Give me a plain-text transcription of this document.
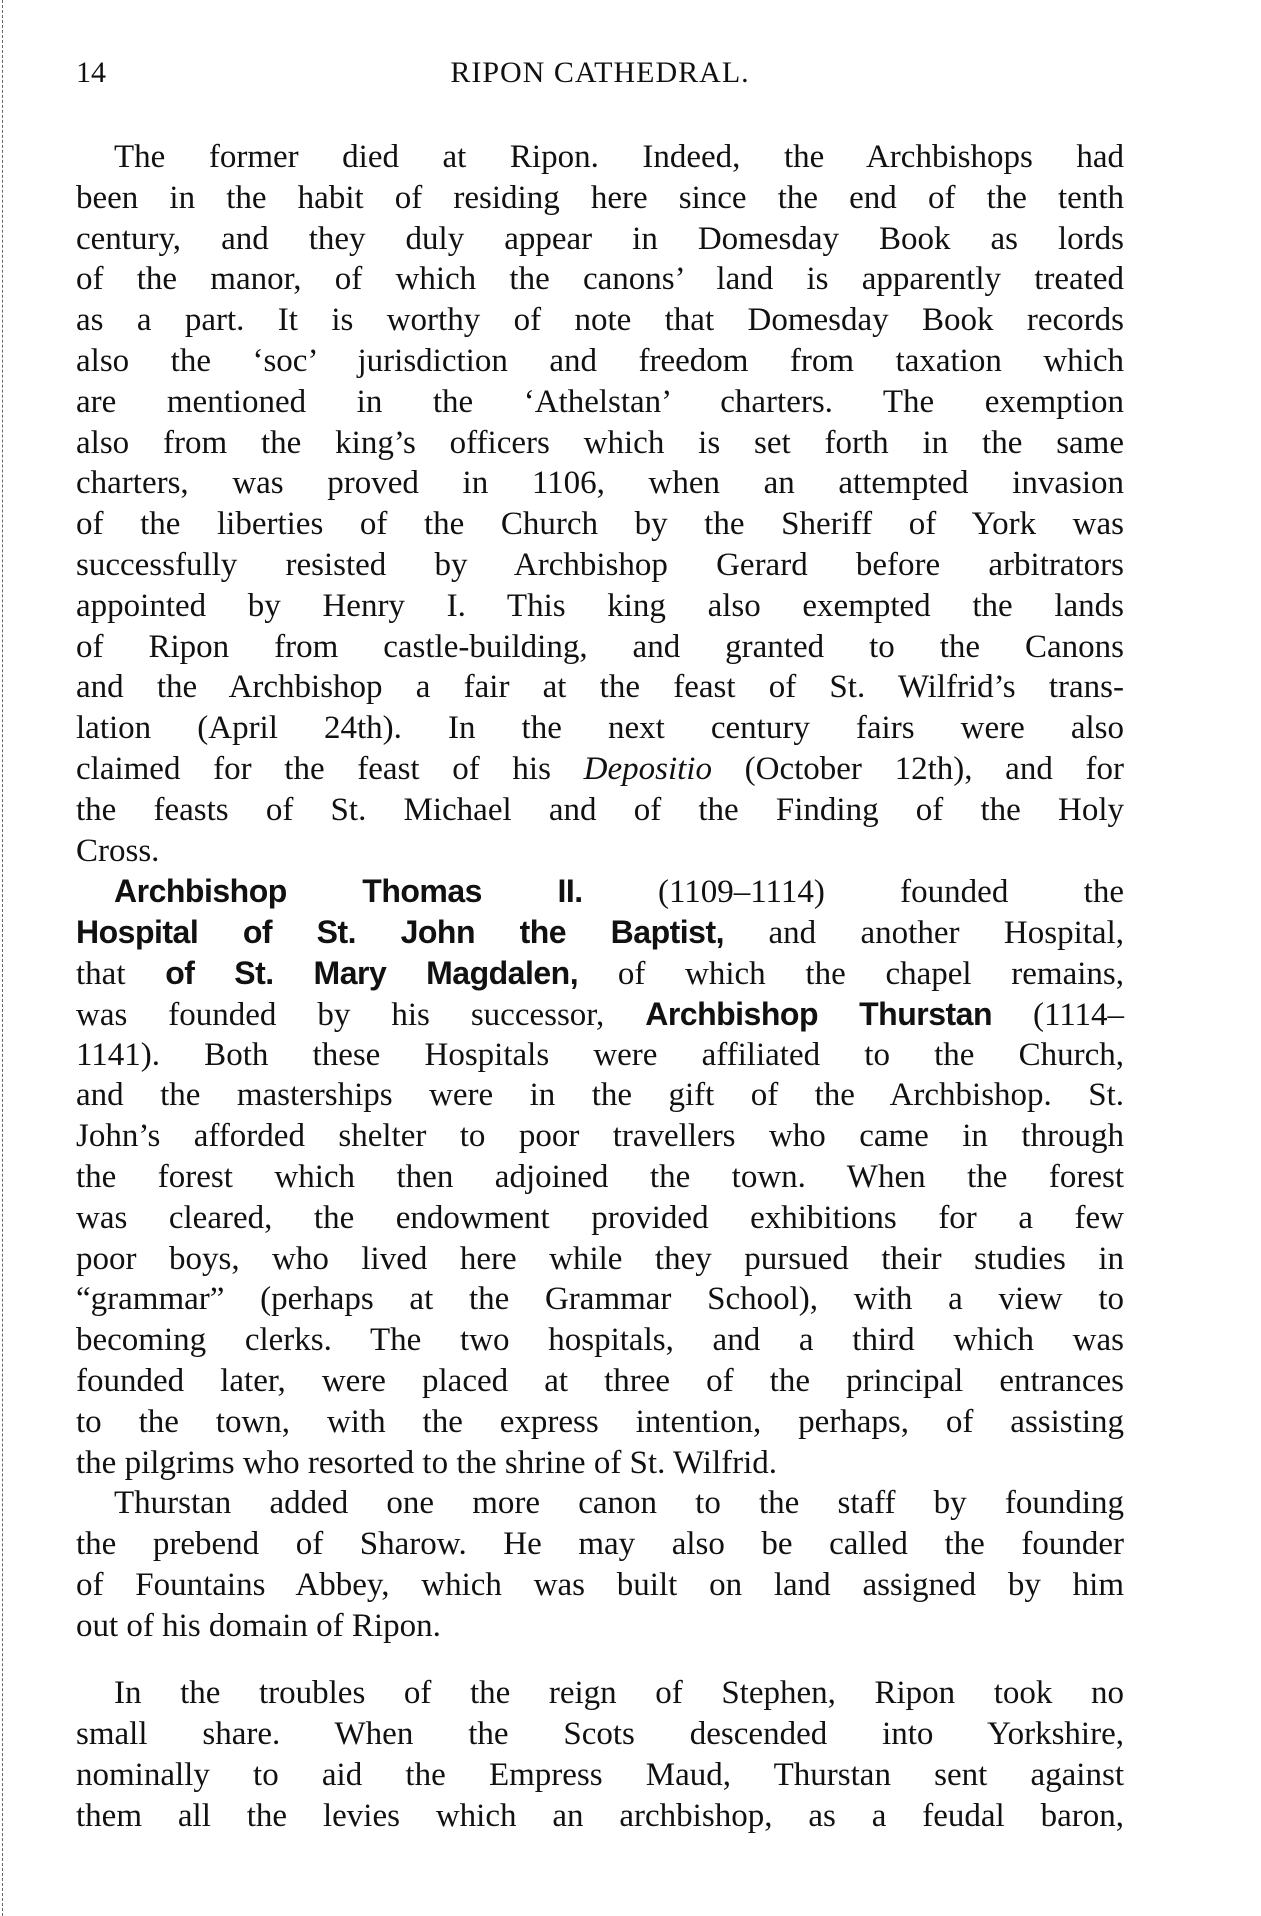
14	RIPON CATHEDRAL.
The former died at Ripon. Indeed, the Archbishops had
been in the habit of residing here since the end of the tenth
century, and they duly appear in Domesday Book as lords
of the manor, of which the canons’ land is apparently treated
as a part. It is worthy of note that Domesday Book records
also the ‘soc’ jurisdiction and freedom from taxation which
are mentioned in the ‘Athelstan’ charters. The exemption
also from the king’s officers which is set forth in the same
charters, was proved in 1106, when an attempted invasion
of the liberties of the Church by the Sheriff of York was
successfully resisted by Archbishop Gerard before arbitrators
appointed by Henry I. This king also exempted the lands
of Ripon from castle-building, and granted to the Canons
and the Archbishop a fair at the feast of St. Wilfrid’s trans-
lation (April 24th). In the next century fairs were also
claimed for the feast of his Depositio (October 12th), and for
the feasts of St. Michael and of the Finding of the Holy
Cross.
Archbishop Thomas II. (1109–1114) founded the
Hospital of St. John the Baptist, and another Hospital,
that of St. Mary Magdalen, of which the chapel remains,
was founded by his successor, Archbishop Thurstan (1114–
1141). Both these Hospitals were affiliated to the Church,
and the masterships were in the gift of the Archbishop. St.
John’s afforded shelter to poor travellers who came in through
the forest which then adjoined the town. When the forest
was cleared, the endowment provided exhibitions for a few
poor boys, who lived here while they pursued their studies in
“grammar” (perhaps at the Grammar School), with a view to
becoming clerks. The two hospitals, and a third which was
founded later, were placed at three of the principal entrances
to the town, with the express intention, perhaps, of assisting
the pilgrims who resorted to the shrine of St. Wilfrid.
Thurstan added one more canon to the staff by founding
the prebend of Sharow. He may also be called the founder
of Fountains Abbey, which was built on land assigned by him
out of his domain of Ripon.
In the troubles of the reign of Stephen, Ripon took no
small share. When the Scots descended into Yorkshire,
nominally to aid the Empress Maud, Thurstan sent against
them all the levies which an archbishop, as a feudal baron,
